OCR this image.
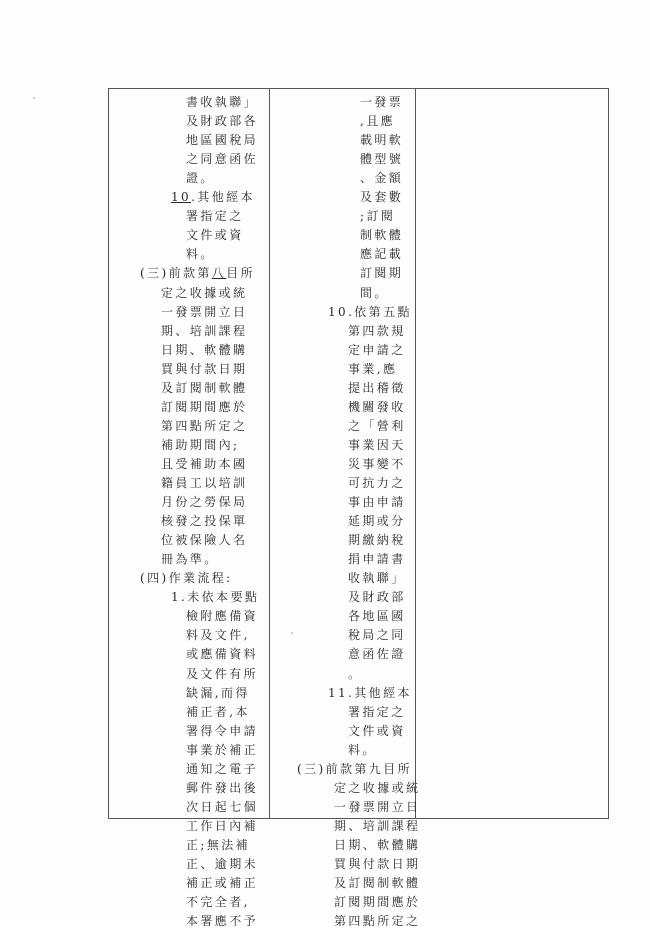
書收執聯」
及財政部各
地區國稅局
之同意函佐
證。
10.其他經本
署指定之
文件或資
料。
(三)前款第八目所
定之收據或統
一發票開立日
期、培訓課程
日期、軟體購
買與付款日期
及訂閱制軟體
訂閱期間應於
第四點所定之
補助期間內;
且受補助本國
籍員工以培訓
月份之勞保局
核發之投保單
位被保險人名
冊為準。
(四)作業流程:
1.未依本要點
檢附應備資
料及文件,
或應備資料
及文件有所
缺漏,而得
補正者,本
署得令申請
事業於補正
通知之電子
郵件發出後
次日起七個
工作日內補
正;無法補
正、逾期未
補正或補正
不完全者,
本署應不予
一發票
,且應
載明軟
體型號
、金額
及套數
;訂閱
制軟體
應記載
訂閱期
間。
10.依第五點
第四款規
定申請之
事業,應
提出稽徵
機關發收
之「營利
事業因天
災事變不
可抗力之
事由申請
延期或分
期繳納稅
捐申請書
收執聯」
及財政部
各地區國
稅局之同
意函佐證
。
11.其他經本
署指定之
文件或資
料。
(三)前款第九目所
定之收據或統
一發票開立日
期、培訓課程
日期、軟體購
買與付款日期
及訂閱制軟體
訂閱期間應於
第四點所定之
